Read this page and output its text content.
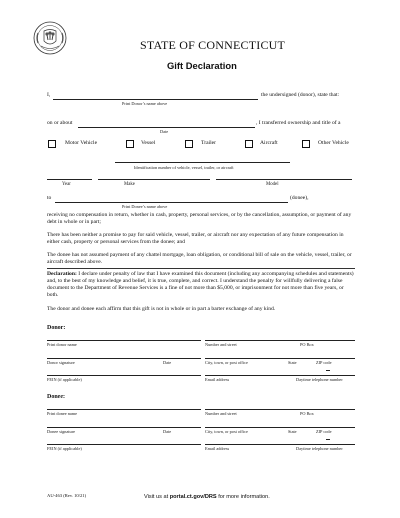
STATE OF CONNECTICUT
Gift Declaration
I,	the undersigned (donor), state that:
Print Donor’s name above
on or about	, I transferred ownership and title of a
Date
Motor Vehicle	Vessel	Trailer	Aircraft	Other Vehicle
Identification number of vehicle, vessel, trailer, or aircraft
Year	Make	Model
to	(donee),
Print Donee’s name above
receiving no compensation in return, whether in cash, property, personal services, or by the cancellation, assumption, or payment of any debt in whole or in part;
There has been neither a promise to pay for said vehicle, vessel, trailer, or aircraft nor any expectation of any future compensation in either cash, property or personal services from the donee; and
The donee has not assumed payment of any chattel mortgage, loan obligation, or conditional bill of sale on the vehicle, vessel, trailer, or aircraft described above.
Declaration: I declare under penalty of law that I have examined this document (including any accompanying schedules and statements) and, to the best of my knowledge and belief, it is true, complete, and correct. I understand the penalty for willfully delivering a false document to the Department of Revenue Services is a fine of not more than $5,000, or imprisonment for not more than five years, or both.
The donor and donee each affirm that this gift is not in whole or in part a barter exchange of any kind.
Donor:
Print donor name	Number and street	PO Box
Donor signature	Date	City, town, or post office	State	ZIP code
FEIN (if applicable)	Email address	Daytime telephone number
Donee:
Print donee name	Number and street	PO Box
Donee signature	Date	City, town, or post office	State	ZIP code
FEIN (if applicable)	Email address	Daytime telephone number
AU-463 (Rev. 10/21)	Visit us at portal.ct.gov/DRS for more information.
